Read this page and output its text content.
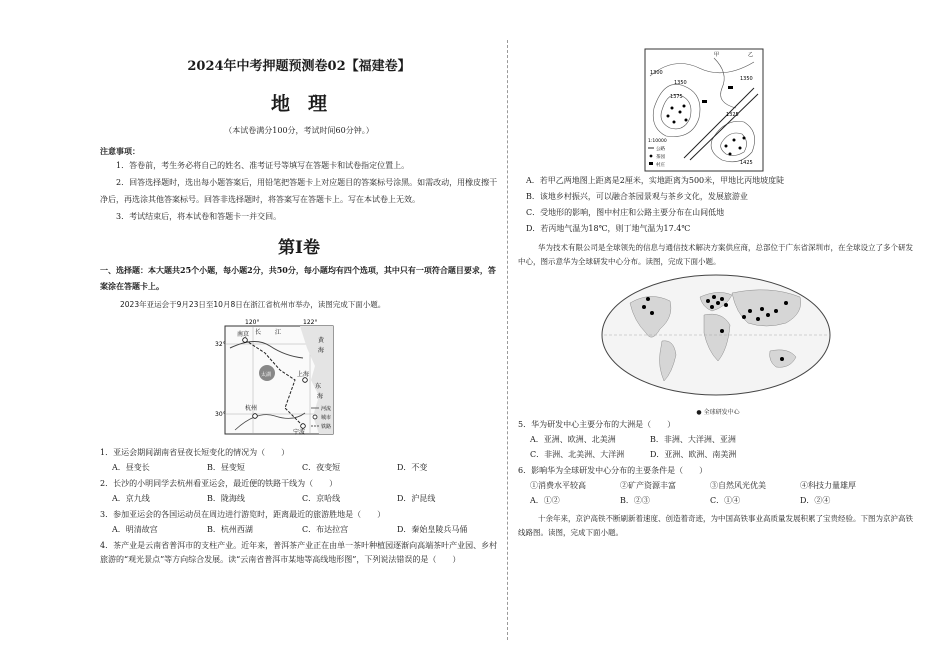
2024年中考押题预测卷02【福建卷】
地理
（本试卷满分100分，考试时间60分钟。）
注意事项：
1．答卷前，考生务必将自己的姓名、准考证号等填写在答题卡和试卷指定位置上。
2．回答选择题时，选出每小题答案后，用铅笔把答题卡上对应题目的答案标号涂黑。如需改动，用橡皮擦干净后，再选涂其他答案标号。回答非选择题时，将答案写在答题卡上。写在本试卷上无效。
3．考试结束后，将本试卷和答题卡一并交回。
第Ⅰ卷
一、选择题：本大题共25个小题，每小题2分，共50分，每小题均有四个选项，其中只有一项符合题目要求，答案涂在答题卡上。
2023年亚运会于9月23日至10月8日在浙江省杭州市举办，读图完成下面小题。
120°	122°
32°
30°
南京 长 江
上海
杭州
宁波
东
海
黄
海
太湖
河流
城市
铁路
1．亚运会期间湖南省昼夜长短变化的情况为（　　）
A．昼变长	B．昼变短	C．夜变短	D．不变
2．长沙的小明同学去杭州看亚运会，最近便的铁路干线为（　　）
A．京九线	B．陇海线	C．京哈线	D．沪昆线
3．参加亚运会的各国运动员在周边进行游览时，距离最近的旅游胜地是（　　）
A．明清故宫	B．杭州西湖	C．布达拉宫	D．秦始皇陵兵马俑
4．茶产业是云南省普洱市的支柱产业。近年来，普洱茶产业正在由单一茶叶种植园逐渐向高端茶叶产业园、乡村旅游的“观光景点”等方向综合发展。读“云南省普洱市某地等高线地形图”，下列说法错误的是（　　）
1300
1350
1375
1350
1325
1425
甲	乙
1:10000
公路
茶园
村庄
A．若甲乙两地图上距离是2厘米，实地距离为500米，甲地比丙地坡度陡
B．该地乡村振兴，可以融合茶园景观与茶乡文化，发展旅游业
C．受地形的影响，图中村庄和公路主要分布在山间低地
D．若丙地气温为18℃，则丁地气温为17.4℃
华为技术有限公司是全球领先的信息与通信技术解决方案供应商，总部位于广东省深圳市，在全球设立了多个研发中心，图示意华为全球研发中心分布。读图，完成下面小题。
● 全球研发中心
5．华为研发中心主要分布的大洲是（　　）
A．亚洲、欧洲、北美洲	B．非洲、大洋洲、亚洲
C．非洲、北美洲、大洋洲	D．亚洲、欧洲、南美洲
6．影响华为全球研发中心分布的主要条件是（　　）
①消费水平较高	②矿产资源丰富	③自然风光优美	④科技力量雄厚
A．①②	B．②③	C．①④	D．②④
十余年来，京沪高铁不断刷新着速度、创造着奇迹，为中国高铁事业高质量发展积累了宝贵经验。下图为京沪高铁线路图。读图，完成下面小题。
